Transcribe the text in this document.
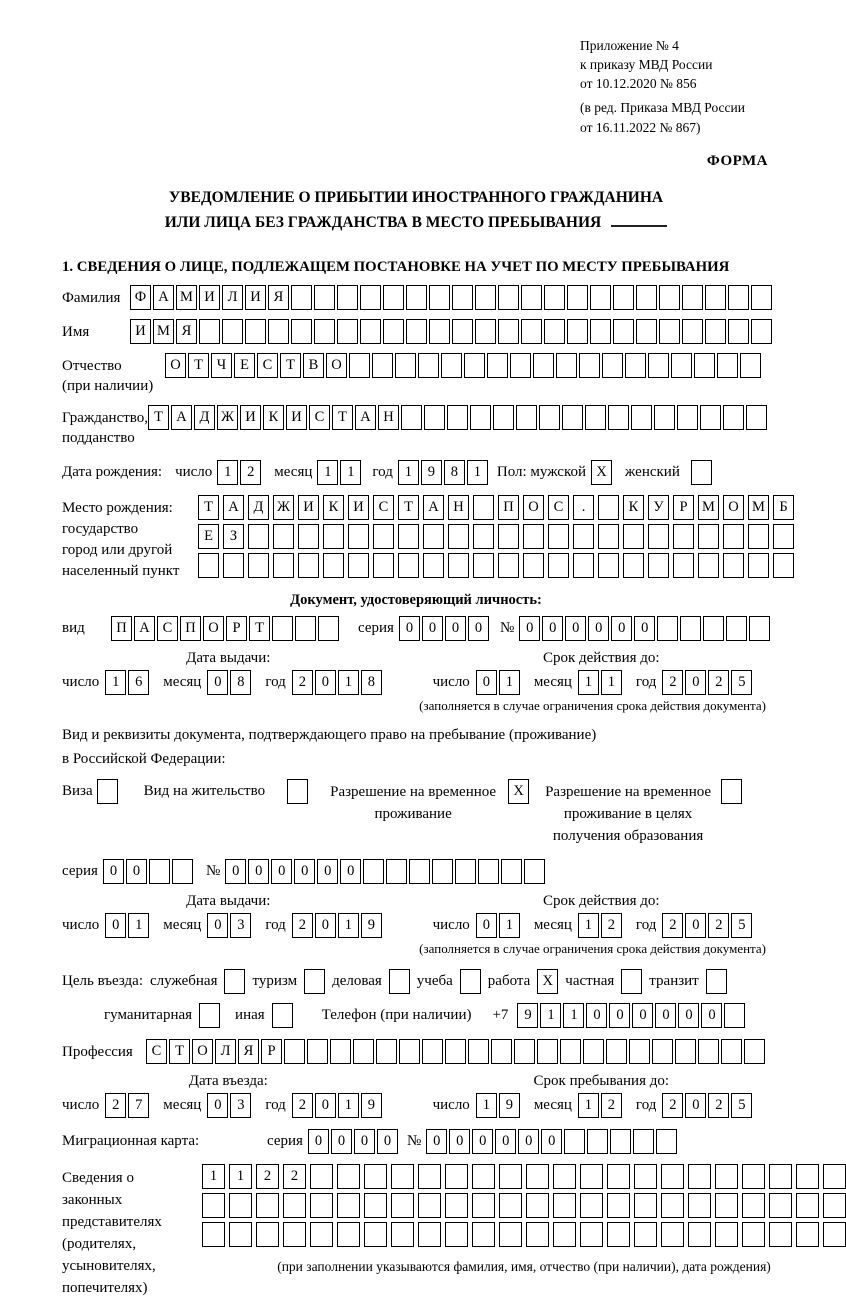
Приложение № 4
к приказу МВД России
от 10.12.2020 № 856
(в ред. Приказа МВД России
от 16.11.2022 № 867)
ФОРМА
УВЕДОМЛЕНИЕ О ПРИБЫТИИ ИНОСТРАННОГО ГРАЖДАНИНА
ИЛИ ЛИЦА БЕЗ ГРАЖДАНСТВА В МЕСТО ПРЕБЫВАНИЯ
1. СВЕДЕНИЯ О ЛИЦЕ, ПОДЛЕЖАЩЕМ ПОСТАНОВКЕ НА УЧЕТ ПО МЕСТУ ПРЕБЫВАНИЯ
Фамилия Ф А М И Л И Я
Имя	И М Я
Отчество
(при наличии)
О Т Ч Е С Т В О
Гражданство,
подданство
Т А Д Ж И К И С Т А Н
Дата рождения: число 1	2	месяц 1	1	год 1	9	8	1	Пол: мужской X	женский
Место рождения:
государство
город или другой
населенный пункт
Т	А	Д Ж И	К	И	С	Т	А	Н	П	О	С	.	К	У	Р	М О М Б
Е	З
Документ, удостоверяющий личность:
вид	П А С П О Р	Т	серия 0	0	0	0	№ 0	0	0	0	0	0
Дата выдачи:
число 1	6	месяц 0	8	год 2	0	1	8
Срок действия до:
число 0	1	месяц 1	1	год 2	0	2	5
(заполняется в случае ограничения срока действия документа)
Вид и реквизиты документа, подтверждающего право на пребывание (проживание)
в Российской Федерации:
Виза	Вид на жительство	Разрешение на временное
проживание
X	Разрешение на временное
проживание в целях
получения образования
серия 0	0	№ 0	0	0	0	0	0
Дата выдачи:
число 0	1	месяц 0	3	год 2	0	1	9
Срок действия до:
число 0	1	месяц 1	2	год 2	0	2	5
(заполняется в случае ограничения срока действия документа)
Цель въезда: служебная туризм деловая учеба работа X частная транзит
гуманитарная	иная	Телефон (при наличии) +7	9	1	1	0	0	0	0	0	0
Профессия	С Т О Л Я Р
Дата въезда:
число 2	7	месяц 0	3	год 2	0	1	9
Срок пребывания до:
число 1	9	месяц 1	2	год 2	0	2	5
Миграционная карта:	серия 0	0	0	0	№ 0	0	0	0	0	0
Сведения о
законных
представителях
(родителях,
усыновителях,
попечителях)
1	1	2	2
(при заполнении указываются фамилия, имя, отчество (при наличии), дата рождения)
